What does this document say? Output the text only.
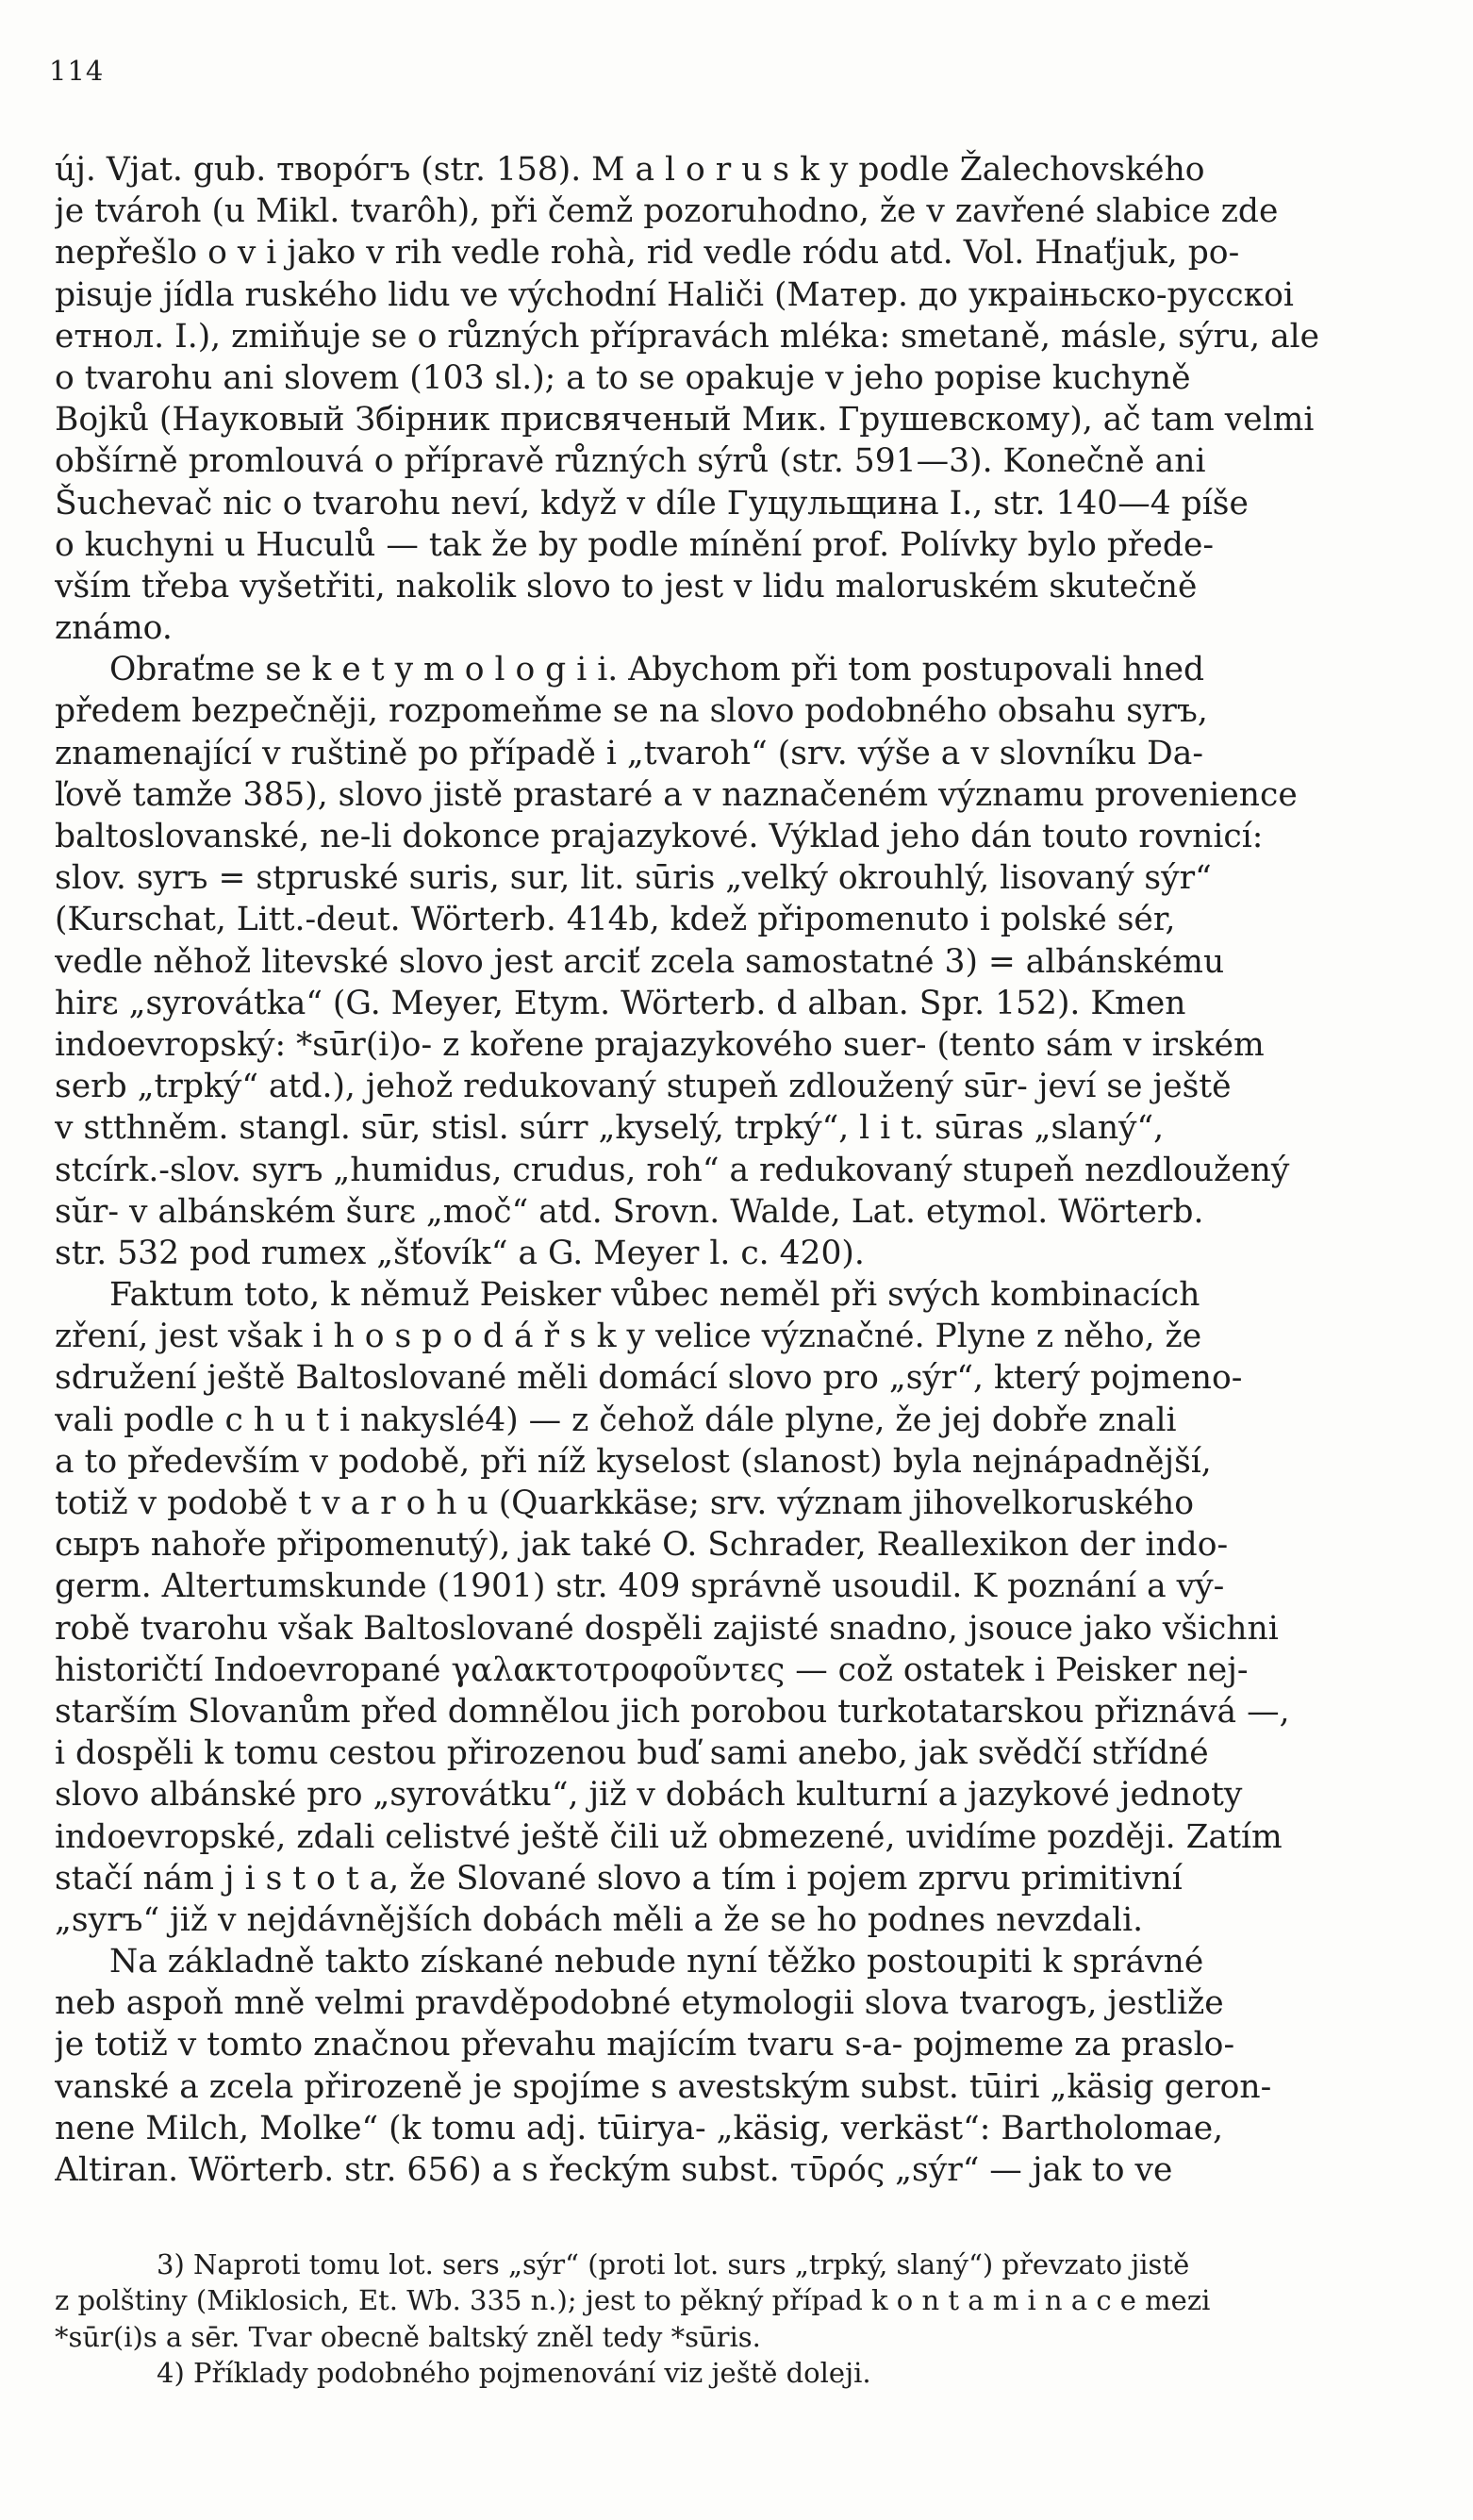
114
új. Vjat. gub. творόгъ (str. 158). M a l o r u s k y podle Žalechovského
je tvároh (u Mikl. tvarôh), při čemž pozoruhodno, že v zavřené slabice zde
nepřešlo o v i jako v rih vedle rohà, rid vedle ródu atd. Vol. Hnaťjuk, po-
pisuje jídla ruského lidu ve východní Haliči (Матер. до украiньско-русскоi
етнол. I.), zmiňuje se o různých přípravách mléka: smetaně, másle, sýru, ale
o tvarohu ani slovem (103 sl.); a to se opakuje v jeho popise kuchyně
Bojků (Науковый Збiрник присвяченый Мик. Грушевскому), ač tam velmi
obšírně promlouvá o přípravě různých sýrů (str. 591—3). Konečně ani
Šuchevač nic o tvarohu neví, když v díle Гуцульщина I., str. 140—4 píše
o kuchyni u Huculů — tak že by podle mínění prof. Polívky bylo přede-
vším třeba vyšetřiti, nakolik slovo to jest v lidu maloruském skutečně
známo.
Obraťme se k e t y m o l o g i i. Abychom při tom postupovali hned
předem bezpečněji, rozpomeňme se na slovo podobného obsahu syrъ,
znamenající v ruštině po případě i „tvaroh“ (srv. výše a v slovníku Da-
ľově tamže 385), slovo jistě prastaré a v naznačeném významu provenience
baltoslovanské, ne-li dokonce prajazykové. Výklad jeho dán touto rovnicí:
slov. syrъ = stpruské suris, sur, lit. sūris „velký okrouhlý, lisovaný sýr“
(Kurschat, Litt.-deut. Wörterb. 414b, kdež připomenuto i polské sér,
vedle něhož litevské slovo jest arciť zcela samostatné 3) = albánskému
hirε „syrovátka“ (G. Meyer, Etym. Wörterb. d alban. Spr. 152). Kmen
indoevropský: *sūr(i)o- z kořene prajazykového suer- (tento sám v irském
serb „trpký“ atd.), jehož redukovaný stupeň zdloužený sūr- jeví se ještě
v stthněm. stangl. sūr, stisl. súrr „kyselý, trpký“, l i t. sūras „slaný“,
stcírk.-slov. syrъ „humidus, crudus, roh“ a redukovaný stupeň nezdloužený
sŭr- v albánském šurε „moč“ atd. Srovn. Walde, Lat. etymol. Wörterb.
str. 532 pod rumex „šťovík“ a G. Meyer l. c. 420).
Faktum toto, k němuž Peisker vůbec neměl při svých kombinacích
zření, jest však i h o s p o d á ř s k y velice význačné. Plyne z něho, že
sdružení ještě Baltoslované měli domácí slovo pro „sýr“, který pojmeno-
vali podle c h u t i nakyslé4) — z čehož dále plyne, že jej dobře znali
a to především v podobě, při níž kyselost (slanost) byla nejnápadnější,
totiž v podobě t v a r o h u (Quarkkäse; srv. význam jihovelkoruského
сыръ nahoře připomenutý), jak také O. Schrader, Reallexikon der indo-
germ. Altertumskunde (1901) str. 409 správně usoudil. K poznání a vý-
robě tvarohu však Baltoslované dospěli zajisté snadno, jsouce jako všichni
historičtí Indoevropané γαλακτοτροφοῦντες — což ostatek i Peisker nej-
starším Slovanům před domnělou jich porobou turkotatarskou přiznává —,
i dospěli k tomu cestou přirozenou buď sami anebo, jak svědčí střídné
slovo albánské pro „syrovátku“, již v dobách kulturní a jazykové jednoty
indoevropské, zdali celistvé ještě čili už obmezené, uvidíme později. Zatím
stačí nám j i s t o t a, že Slované slovo a tím i pojem zprvu primitivní
„syrъ“ již v nejdávnějších dobách měli a že se ho podnes nevzdali.
Na základně takto získané nebude nyní těžko postoupiti k správné
neb aspoň mně velmi pravděpodobné etymologii slova tvarogъ, jestliže
je totiž v tomto značnou převahu majícím tvaru s-a- pojmeme za praslo-
vanské a zcela přirozeně je spojíme s avestským subst. tūiri „käsig geron-
nene Milch, Molke“ (k tomu adj. tūirya- „käsig, verkäst“: Bartholomae,
Altiran. Wörterb. str. 656) a s řeckým subst. τῡρός „sýr“ — jak to ve
3) Naproti tomu lot. sers „sýr“ (proti lot. surs „trpký, slaný“) převzato jistě
z polštiny (Miklosich, Et. Wb. 335 n.); jest to pěkný případ k o n t a m i n a c e mezi
*sūr(i)s a sēr. Tvar obecně baltský zněl tedy *sūris.
4) Příklady podobného pojmenování viz ještě doleji.
